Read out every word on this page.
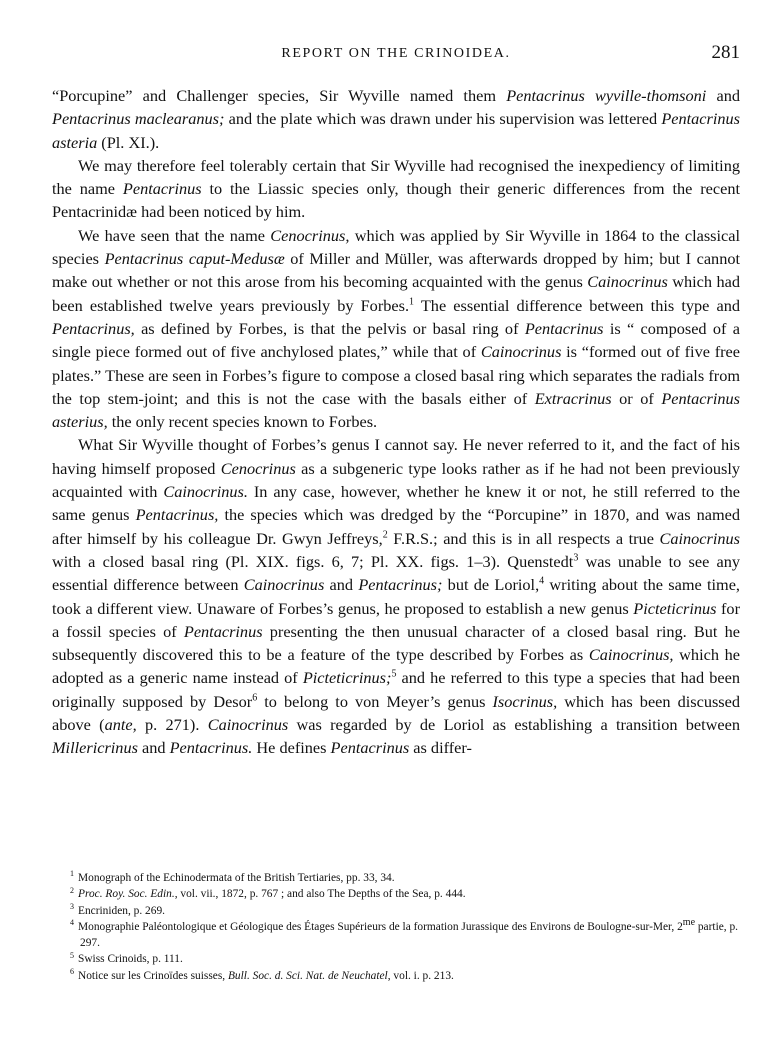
REPORT ON THE CRINOIDEA.	281

“Porcupine” and Challenger species, Sir Wyville named them Pentacrinus wyville-thomsoni and Pentacrinus maclearanus; and the plate which was drawn under his supervision was lettered Pentacrinus asteria (Pl. XI.).

We may therefore feel tolerably certain that Sir Wyville had recognised the inexpediency of limiting the name Pentacrinus to the Liassic species only, though their generic differences from the recent Pentacrinidæ had been noticed by him.

We have seen that the name Cenocrinus, which was applied by Sir Wyville in 1864 to the classical species Pentacrinus caput-Medusæ of Miller and Müller, was afterwards dropped by him; but I cannot make out whether or not this arose from his becoming acquainted with the genus Cainocrinus which had been established twelve years previously by Forbes.$^1$ The essential difference between this type and Pentacrinus, as defined by Forbes, is that the pelvis or basal ring of Pentacrinus is “ composed of a single piece formed out of five anchylosed plates,” while that of Cainocrinus is “formed out of five free plates.” These are seen in Forbes’s figure to compose a closed basal ring which separates the radials from the top stem-joint; and this is not the case with the basals either of Extracrinus or of Pentacrinus asterius, the only recent species known to Forbes.

What Sir Wyville thought of Forbes’s genus I cannot say. He never referred to it, and the fact of his having himself proposed Cenocrinus as a subgeneric type looks rather as if he had not been previously acquainted with Cainocrinus. In any case, however, whether he knew it or not, he still referred to the same genus Pentacrinus, the species which was dredged by the “Porcupine” in 1870, and was named after himself by his colleague Dr. Gwyn Jeffreys,$^2$ F.R.S.; and this is in all respects a true Cainocrinus with a closed basal ring (Pl. XIX. figs. 6, 7; Pl. XX. figs. 1–3). Quenstedt$^3$ was unable to see any essential difference between Cainocrinus and Pentacrinus; but de Loriol,$^4$ writing about the same time, took a different view. Unaware of Forbes’s genus, he proposed to establish a new genus Picteticrinus for a fossil species of Pentacrinus presenting the then unusual character of a closed basal ring. But he subsequently discovered this to be a feature of the type described by Forbes as Cainocrinus, which he adopted as a generic name instead of Picteticrinus;$^5$ and he referred to this type a species that had been originally supposed by Desor$^6$ to belong to von Meyer’s genus Isocrinus, which has been discussed above (ante, p. 271). Cainocrinus was regarded by de Loriol as establishing a transition between Millericrinus and Pentacrinus. He defines Pentacrinus as differ-

$^1$ Monograph of the Echinodermata of the British Tertiaries, pp. 33, 34.

$^2$ Proc. Roy. Soc. Edin., vol. vii., 1872, p. 767 ; and also The Depths of the Sea, p. 444.

$^3$ Encriniden, p. 269.

$^4$ Monographie Paléontologique et Géologique des Étages Supérieurs de la formation Jurassique des Environs de Boulogne-sur-Mer, 2me partie, p. 297.

$^5$ Swiss Crinoids, p. 111.

$^6$ Notice sur les Crinoïdes suisses, Bull. Soc. d. Sci. Nat. de Neuchatel, vol. i. p. 213.
